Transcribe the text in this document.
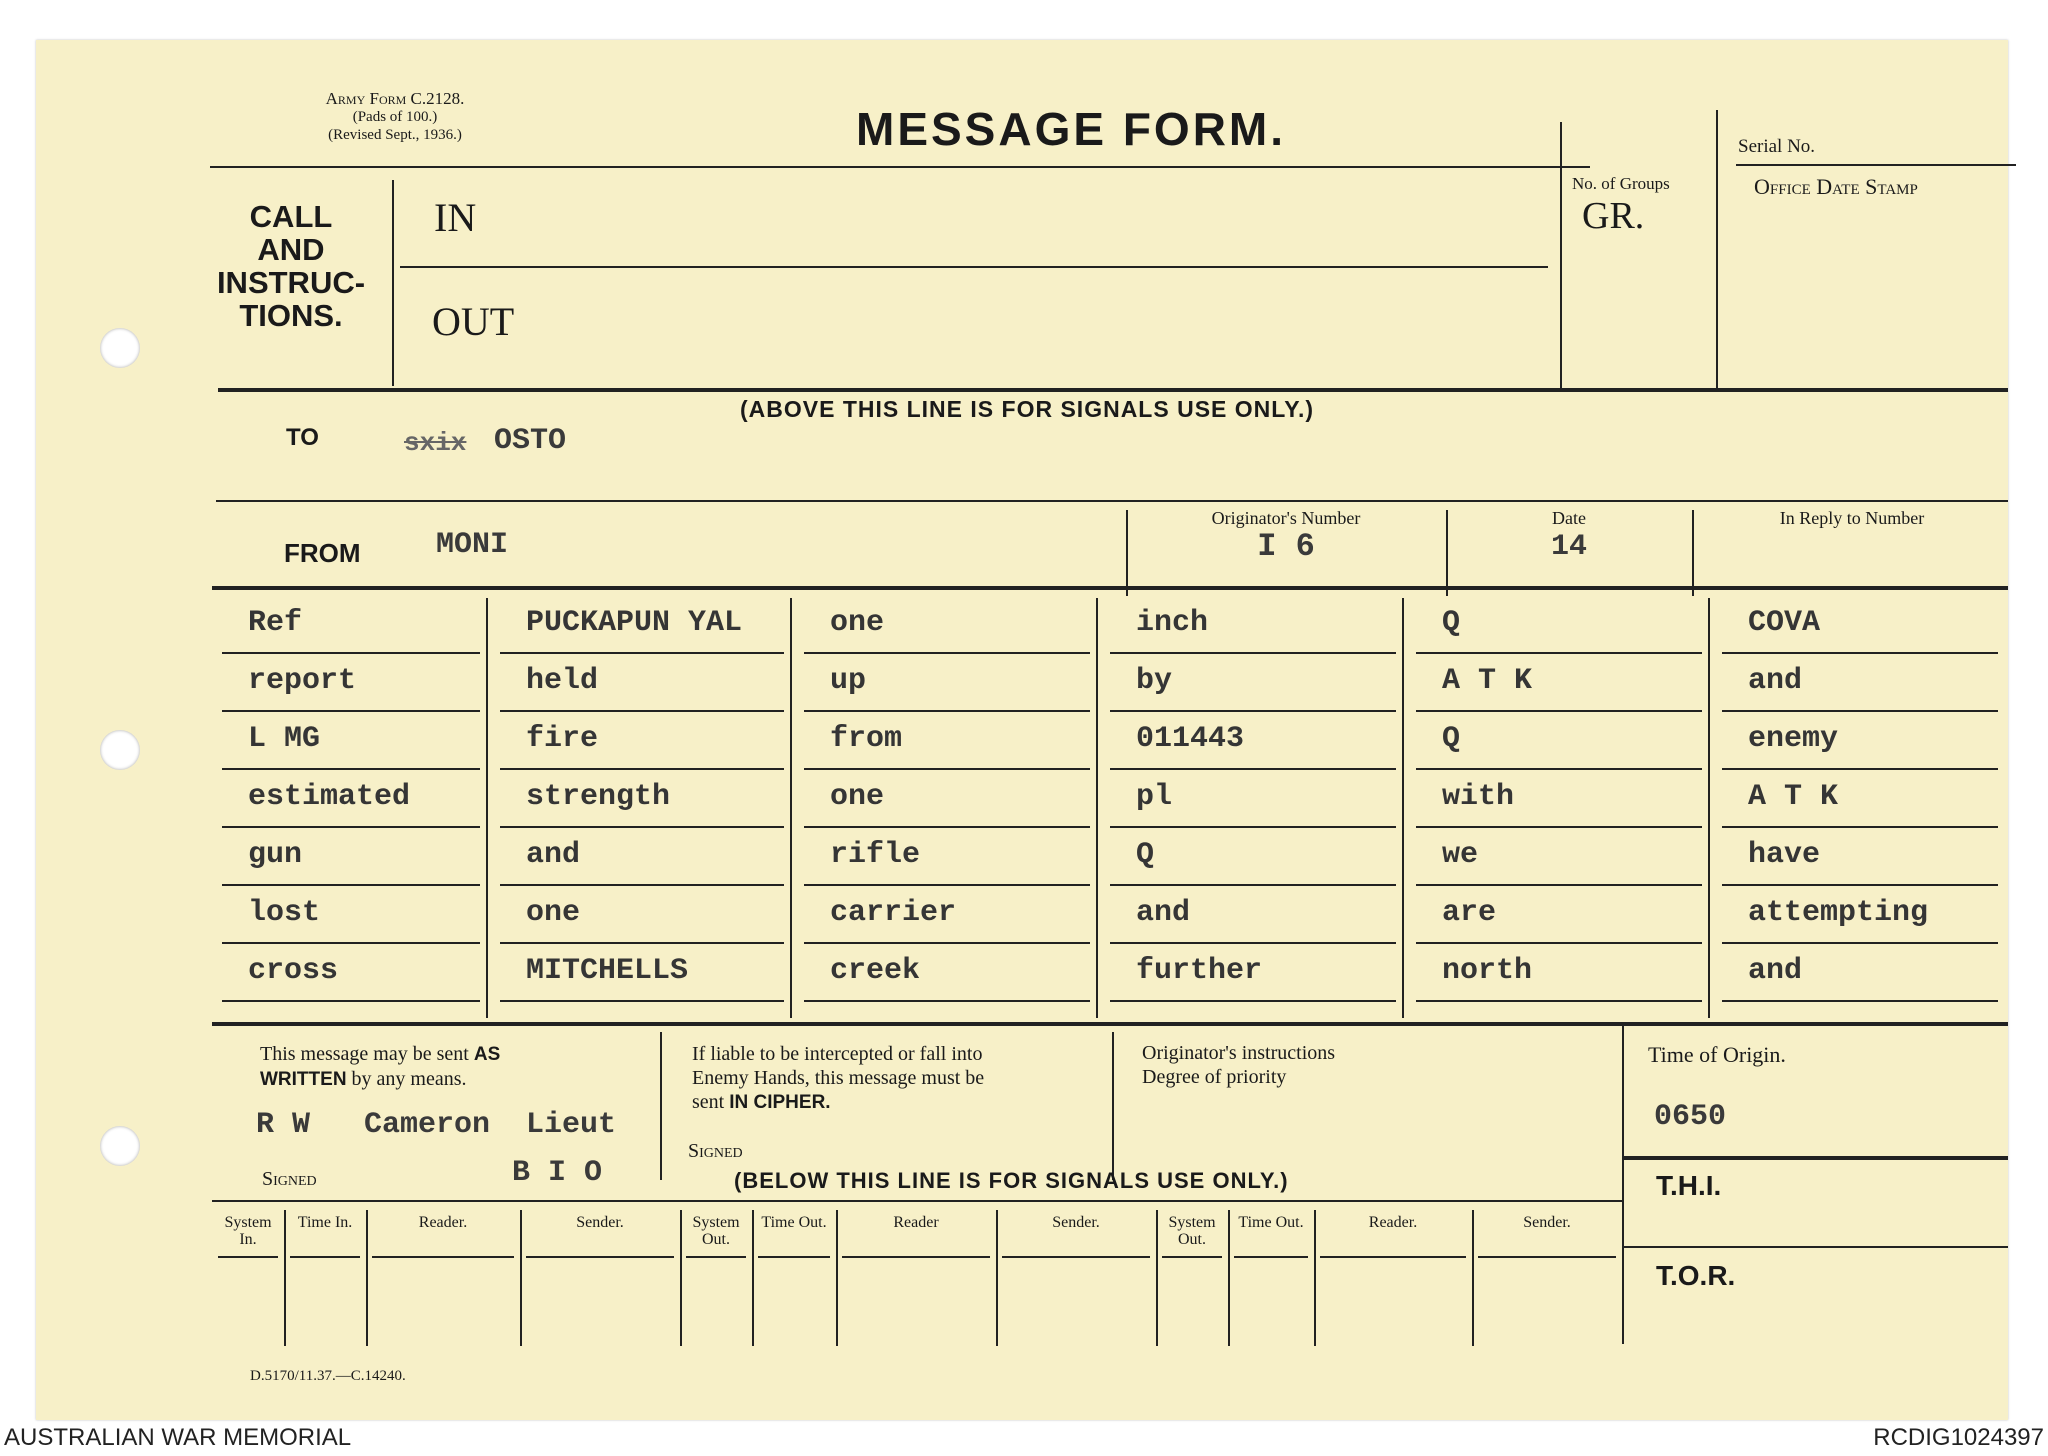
Army Form C.2128.
(Pads of 100.)
(Revised Sept., 1936.)	MESSAGE FORM.	Serial No.
Office Date Stamp
No. of Groups
GR.
CALL
AND
INSTRUC-
TIONS.
IN
OUT
(ABOVE THIS LINE IS FOR SIGNALS USE ONLY.)
TO	sxix OSTO
FROM	MONI
Originator's Number
I 6
Date
14
In Reply to Number
Ref	PUCKAPUN YAL	one	inch	Q	COVA
report	held	up	by	A T K	and
L MG	fire	from	011443	Q	enemy
estimated	strength	one	pl	with	A T K
gun	and	rifle	Q	we	have
lost	one	carrier	and	are	attempting
cross	MITCHELLS	creek	further	north	and
This message may be sent AS
WRITTEN by any means.
R W   Cameron  Lieut
Signed	B I O
If liable to be intercepted or fall into
Enemy Hands, this message must be
sent IN CIPHER.
Signed
Originator's instructions
Degree of priority
Time of Origin.
0650
(BELOW THIS LINE IS FOR SIGNALS USE ONLY.)	T.H.I.
T.O.R.
System In.
Time In.	Reader.	Sender.	System Out.
Time Out.	Reader	Sender.	System Out.
Time Out.	Reader.	Sender.
D.5170/11.37.—C.14240.
AUSTRALIAN WAR MEMORIAL	RCDIG1024397
